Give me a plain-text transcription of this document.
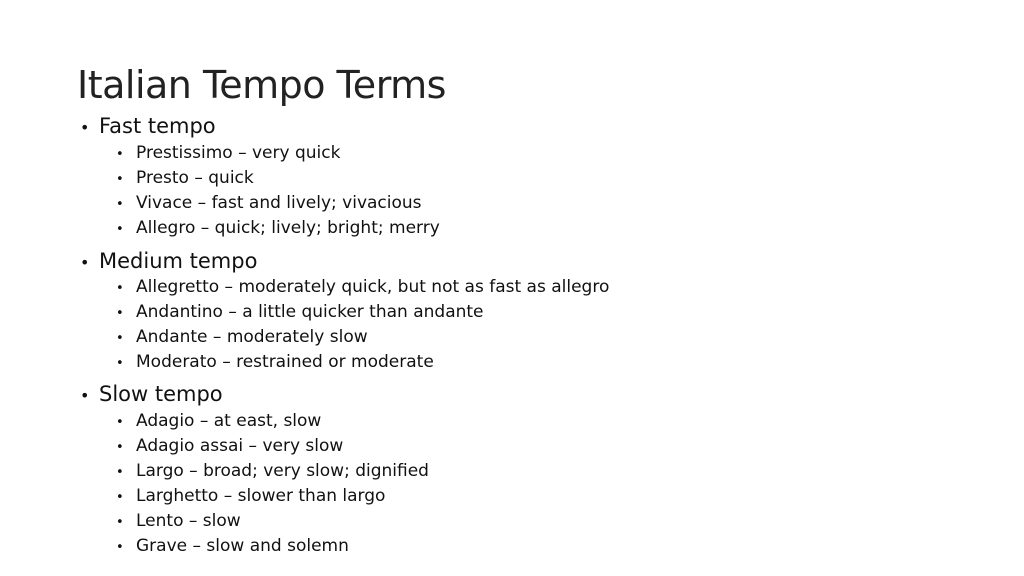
Italian Tempo Terms
• Fast tempo
• Prestissimo – very quick
• Presto – quick
• Vivace – fast and lively; vivacious
• Allegro – quick; lively; bright; merry
• Medium tempo
• Allegretto – moderately quick, but not as fast as allegro
• Andantino – a little quicker than andante
• Andante – moderately slow
• Moderato – restrained or moderate
• Slow tempo
• Adagio – at east, slow
• Adagio assai – very slow
• Largo – broad; very slow; dignified
• Larghetto – slower than largo
• Lento – slow
• Grave – slow and solemn
